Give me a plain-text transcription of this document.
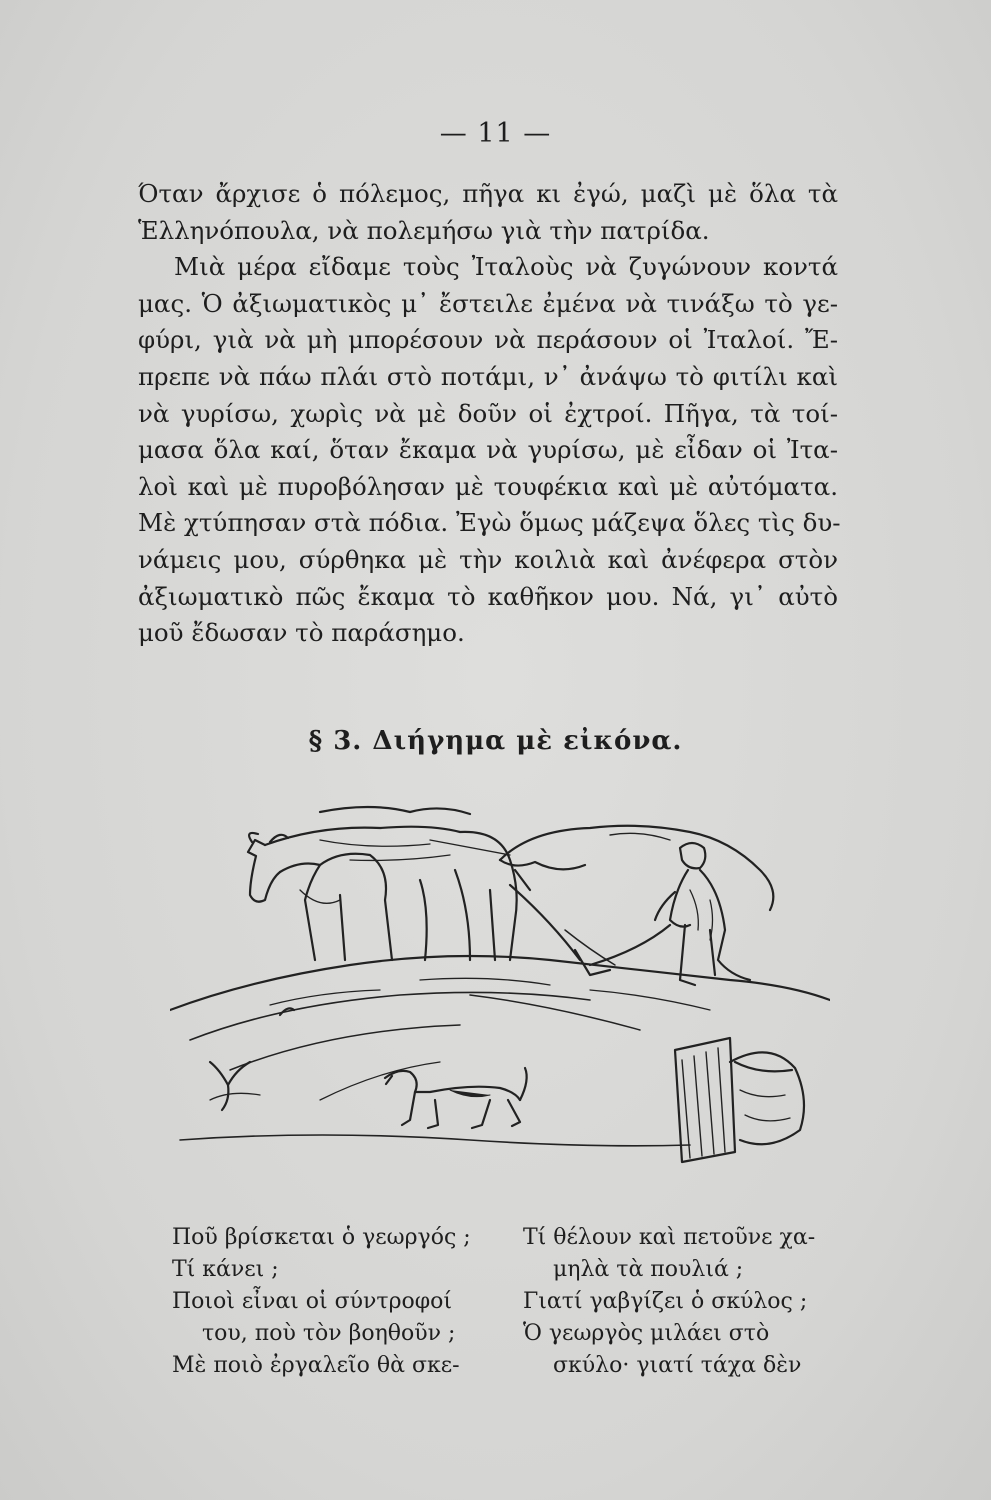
— 11 —
Όταν ἄρχισε ὁ πόλεμος, πῆγα κι ἐγώ, μαζὶ μὲ ὅλα τὰ
Ἑλληνόπουλα, νὰ πολεμήσω γιὰ τὴν πατρίδα.
Μιὰ μέρα εἴδαμε τοὺς Ἰταλοὺς νὰ ζυγώνουν κοντά
μας. Ὁ ἀξιωματικὸς μ᾽ ἔστειλε ἐμένα νὰ τινάξω τὸ γε-
φύρι, γιὰ νὰ μὴ μπορέσουν νὰ περάσουν οἱ Ἰταλοί. Ἔ-
πρεπε νὰ πάω πλάι στὸ ποτάμι, ν᾽ ἀνάψω τὸ φιτίλι καὶ
νὰ γυρίσω, χωρὶς νὰ μὲ δοῦν οἱ ἐχτροί. Πῆγα, τὰ τοί-
μασα ὅλα καί, ὅταν ἔκαμα νὰ γυρίσω, μὲ εἶδαν οἱ Ἰτα-
λοὶ καὶ μὲ πυροβόλησαν μὲ τουφέκια καὶ μὲ αὐτόματα.
Μὲ χτύπησαν στὰ πόδια. Ἐγὼ ὅμως μάζεψα ὅλες τὶς δυ-
νάμεις μου, σύρθηκα μὲ τὴν κοιλιὰ καὶ ἀνέφερα στὸν
ἀξιωματικὸ πῶς ἔκαμα τὸ καθῆκον μου. Νά, γι᾽ αὐτὸ
μοῦ ἔδωσαν τὸ παράσημο.
§ 3. Διήγημα μὲ εἰκόνα.
Ποῦ βρίσκεται ὁ γεωργός ;
Τί κάνει ;
Ποιοὶ εἶναι οἱ σύντροφοί
του, ποὺ τὸν βοηθοῦν ;
Μὲ ποιὸ ἐργαλεῖο θὰ σκε-
Τί θέλουν καὶ πετοῦνε χα-
μηλὰ τὰ πουλιά ;
Γιατί γαβγίζει ὁ σκύλος ;
Ὁ γεωργὸς μιλάει στὸ
σκύλο· γιατί τάχα δὲν
